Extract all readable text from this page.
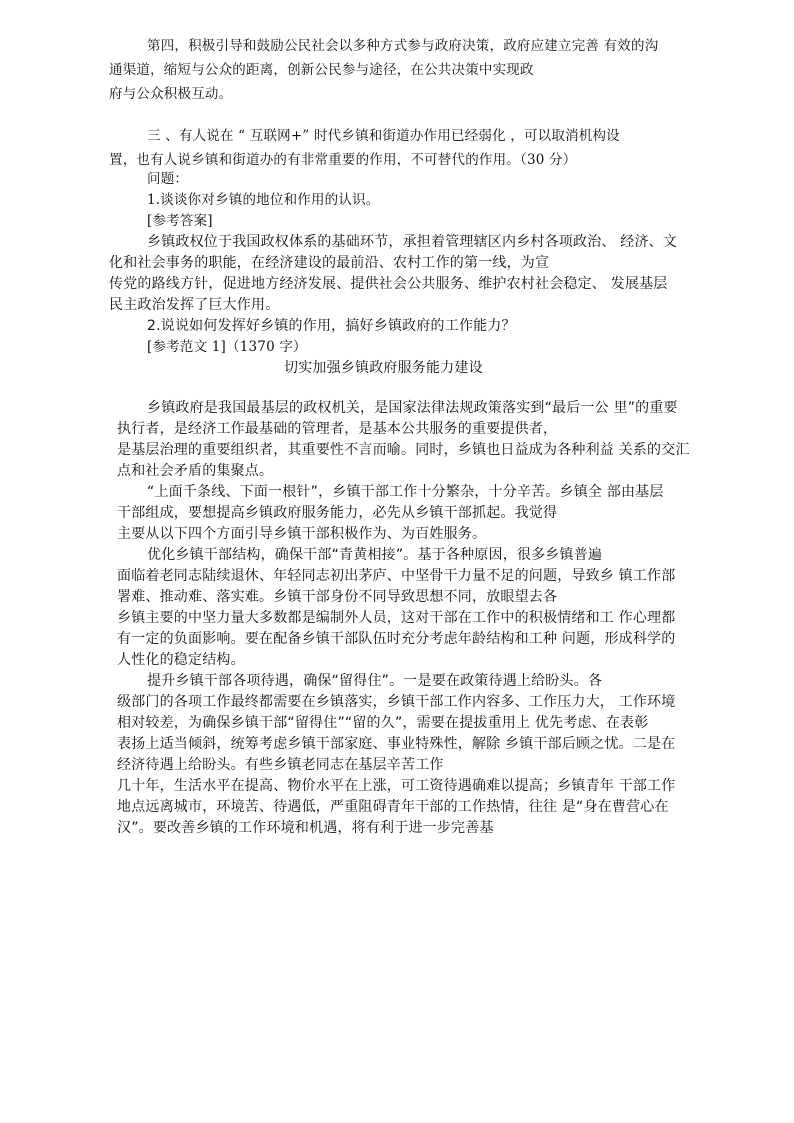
第四，积极引导和鼓励公民社会以多种方式参与政府决策，政府应建立完善 有效的沟

通渠道，缩短与公众的距离，创新公民参与途径，在公共决策中实现政

府与公众积极互动。

三 、有人说在 “ 互联网+” 时代乡镇和街道办作用已经弱化 ，可以取消机构设

置，也有人说乡镇和街道办的有非常重要的作用，不可替代的作用。（30 分）

问题：

1.谈谈你对乡镇的地位和作用的认识。

[参考答案]

乡镇政权位于我国政权体系的基础环节，承担着管理辖区内乡村各项政治、 经济、文

化和社会事务的职能，在经济建设的最前沿、农村工作的第一线，为宣

传党的路线方针，促进地方经济发展、提供社会公共服务、维护农村社会稳定、 发展基层

民主政治发挥了巨大作用。

2.说说如何发挥好乡镇的作用，搞好乡镇政府的工作能力？

[参考范文 1]（1370 字）

切实加强乡镇政府服务能力建设

乡镇政府是我国最基层的政权机关，是国家法律法规政策落实到“最后一公 里”的重要

执行者，是经济工作最基础的管理者，是基本公共服务的重要提供者，

是基层治理的重要组织者，其重要性不言而喻。同时，乡镇也日益成为各种利益 关系的交汇

点和社会矛盾的集聚点。

“上面千条线、下面一根针”，乡镇干部工作十分繁杂，十分辛苦。乡镇全 部由基层

干部组成，要想提高乡镇政府服务能力，必先从乡镇干部抓起。我觉得

主要从以下四个方面引导乡镇干部积极作为、为百姓服务。

优化乡镇干部结构，确保干部“青黄相接”。基于各种原因，很多乡镇普遍

面临着老同志陆续退休、年轻同志初出茅庐、中坚骨干力量不足的问题，导致乡 镇工作部

署难、推动难、落实难。乡镇干部身份不同导致思想不同，放眼望去各

乡镇主要的中坚力量大多数都是编制外人员，这对干部在工作中的积极情绪和工 作心理都

有一定的负面影响。要在配备乡镇干部队伍时充分考虑年龄结构和工种 问题，形成科学的

人性化的稳定结构。

提升乡镇干部各项待遇，确保“留得住”。一是要在政策待遇上给盼头。各

级部门的各项工作最终都需要在乡镇落实，乡镇干部工作内容多、工作压力大， 工作环境

相对较差，为确保乡镇干部“留得住”“留的久”，需要在提拔重用上 优先考虑、在表彰

表扬上适当倾斜，统筹考虑乡镇干部家庭、事业特殊性，解除 乡镇干部后顾之忧。二是在

经济待遇上给盼头。有些乡镇老同志在基层辛苦工作

几十年，生活水平在提高、物价水平在上涨，可工资待遇确难以提高；乡镇青年 干部工作

地点远离城市，环境苦、待遇低，严重阻碍青年干部的工作热情，往往 是“身在曹营心在

汉”。要改善乡镇的工作环境和机遇，将有利于进一步完善基
